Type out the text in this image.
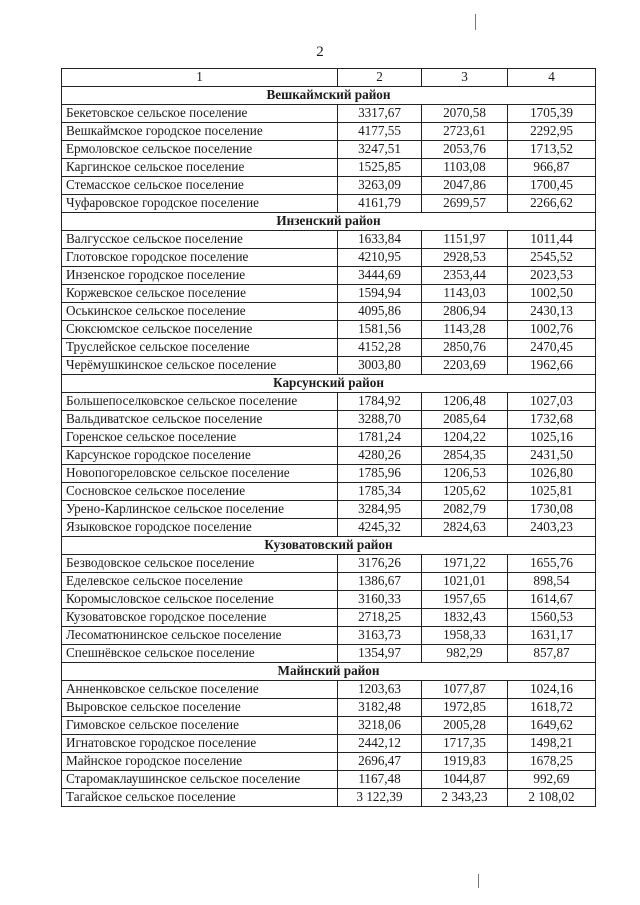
2
1	2	3	4
Вешкаймский район			
Бекетовское сельское поселение	3317,67	2070,58	1705,39
Вешкаймское городское поселение	4177,55	2723,61	2292,95
Ермоловское сельское поселение	3247,51	2053,76	1713,52
Каргинское сельское поселение	1525,85	1103,08	966,87
Стемасское сельское поселение	3263,09	2047,86	1700,45
Чуфаровское городское поселение	4161,79	2699,57	2266,62
Инзенский район			
Валгусское сельское поселение	1633,84	1151,97	1011,44
Глотовское городское поселение	4210,95	2928,53	2545,52
Инзенское городское поселение	3444,69	2353,44	2023,53
Коржевское сельское поселение	1594,94	1143,03	1002,50
Оськинское сельское поселение	4095,86	2806,94	2430,13
Сюксюмское сельское поселение	1581,56	1143,28	1002,76
Труслейское сельское поселение	4152,28	2850,76	2470,45
Черёмушкинское сельское поселение	3003,80	2203,69	1962,66
Карсунский район			
Большепоселковское сельское поселение	1784,92	1206,48	1027,03
Вальдиватское сельское поселение	3288,70	2085,64	1732,68
Горенское сельское поселение	1781,24	1204,22	1025,16
Карсунское городское поселение	4280,26	2854,35	2431,50
Новопогореловское сельское поселение	1785,96	1206,53	1026,80
Сосновское сельское поселение	1785,34	1205,62	1025,81
Урено-Карлинское сельское поселение	3284,95	2082,79	1730,08
Языковское городское поселение	4245,32	2824,63	2403,23
Кузоватовский район			
Безводовское сельское поселение	3176,26	1971,22	1655,76
Еделевское сельское поселение	1386,67	1021,01	898,54
Коромысловское сельское поселение	3160,33	1957,65	1614,67
Кузоватовское городское поселение	2718,25	1832,43	1560,53
Лесоматюнинское сельское поселение	3163,73	1958,33	1631,17
Спешнёвское сельское поселение	1354,97	982,29	857,87
Майнский район			
Анненковское сельское поселение	1203,63	1077,87	1024,16
Выровское сельское поселение	3182,48	1972,85	1618,72
Гимовское сельское поселение	3218,06	2005,28	1649,62
Игнатовское городское поселение	2442,12	1717,35	1498,21
Майнское городское поселение	2696,47	1919,83	1678,25
Старомаклаушинское сельское поселение	1167,48	1044,87	992,69
Тагайское сельское поселение	3 122,39	2 343,23	2 108,02
